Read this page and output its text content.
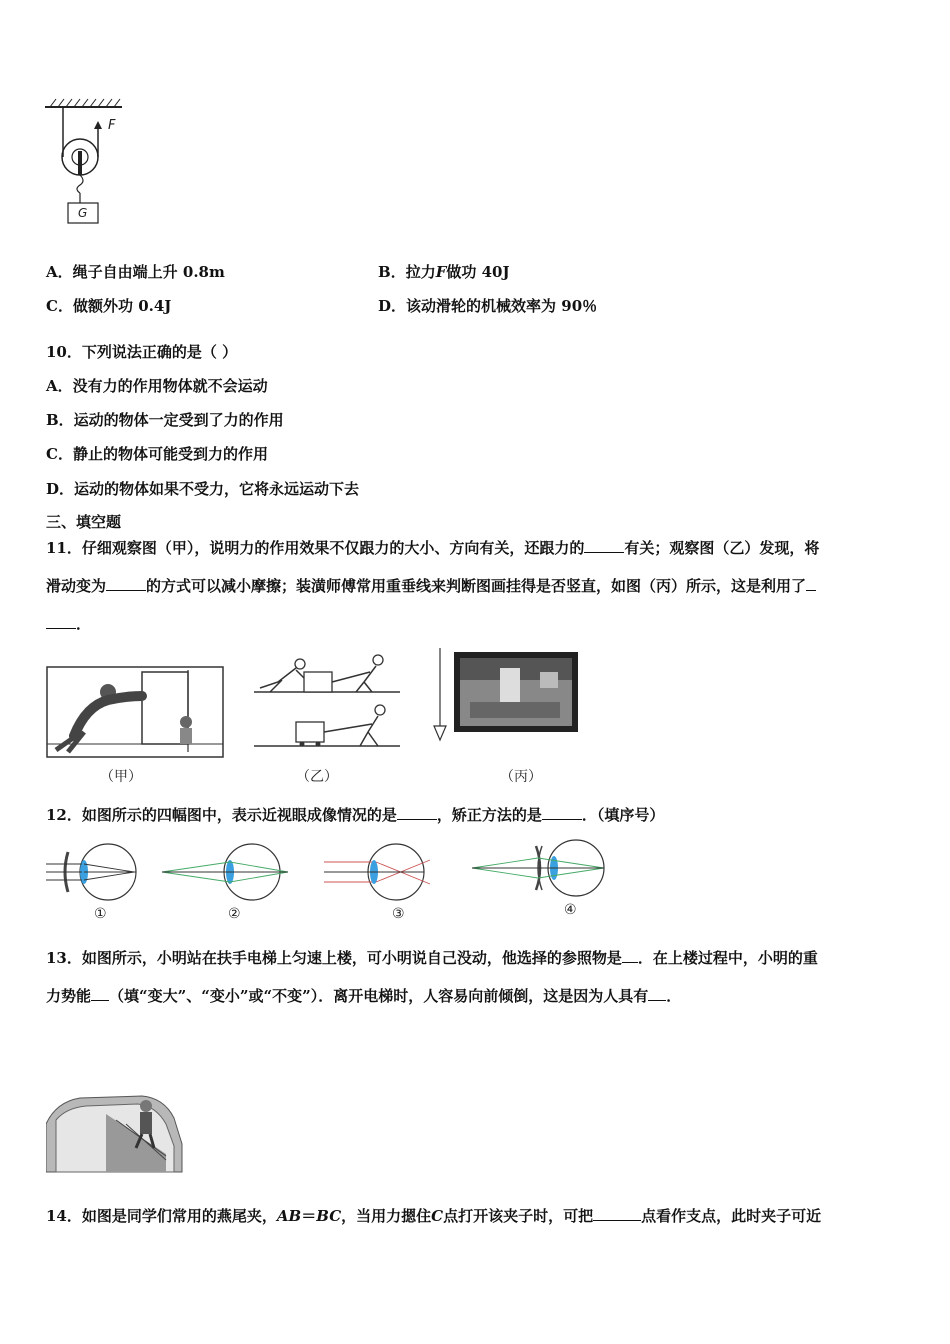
F
G
A．绳子自由端上升 0.8m	B．拉力F做功 40J
C．做额外功 0.4J	D．该动滑轮的机械效率为 90％
10．下列说法正确的是（ ）
A．没有力的作用物体就不会运动
B．运动的物体一定受到了力的作用
C．静止的物体可能受到力的作用
D．运动的物体如果不受力，它将永远运动下去
三、填空题
11．仔细观察图（甲），说明力的作用效果不仅跟力的大小、方向有关，还跟力的	有关；观察图（乙）发现，将
滑动变为	的方式可以减小摩擦；装潢师傅常用重垂线来判断图画挂得是否竖直，如图（丙）所示，这是利用了
．
（甲）	（乙）	（丙）
12．如图所示的四幅图中，表示近视眼成像情况的是	，矫正方法的是	．（填序号）
①	②	③	④
13．如图所示，小明站在扶手电梯上匀速上楼，可小明说自己没动，他选择的参照物是 ．在上楼过程中，小明的重
力势能 （填“变大”、“变小”或“不变”）．离开电梯时，人容易向前倾倒，这是因为人具有 ．
14．如图是同学们常用的燕尾夹，AB＝BC，当用力摁住C点打开该夹子时，可把	点看作支点，此时夹子可近
